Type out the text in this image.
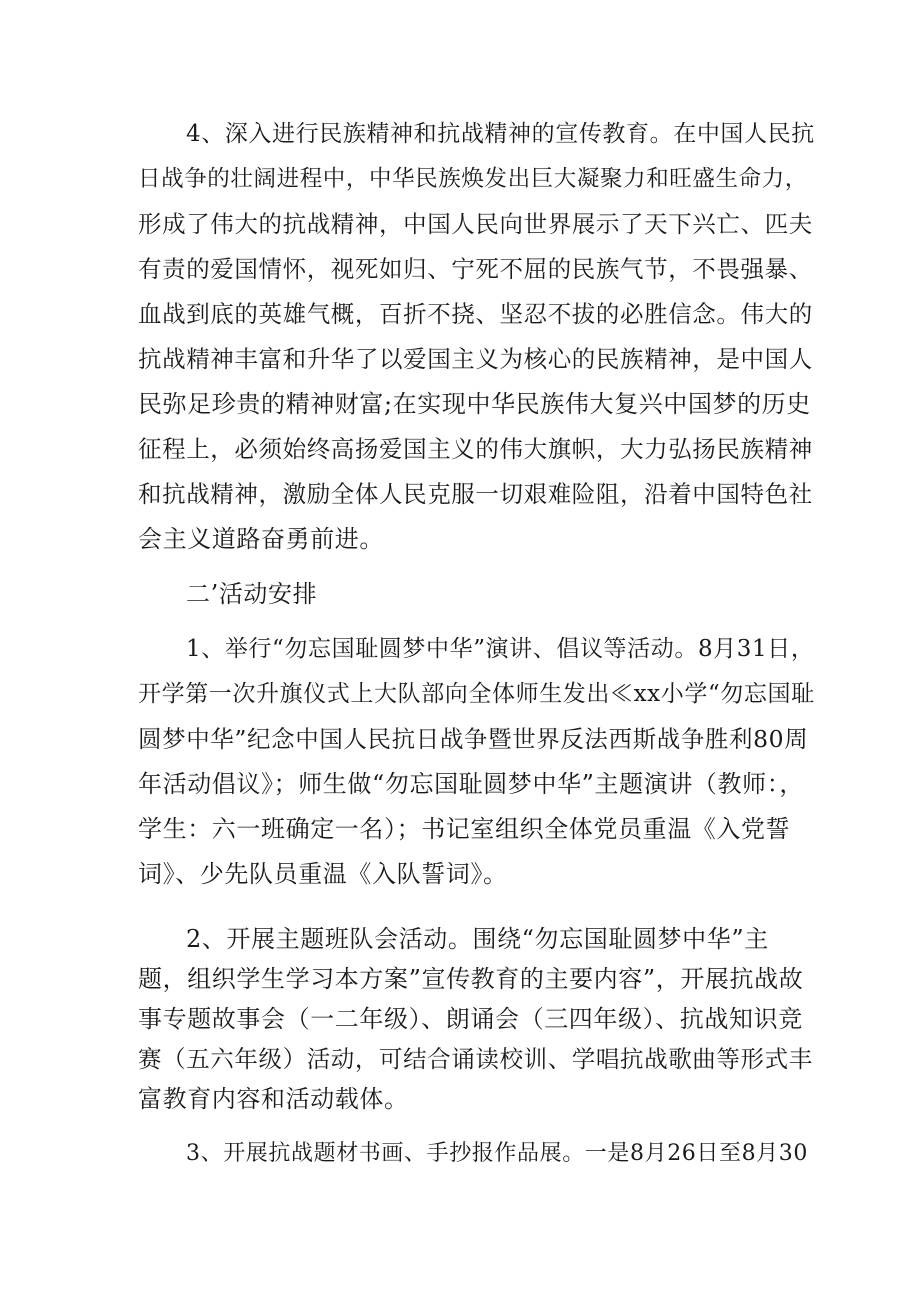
4、深入进行民族精神和抗战精神的宣传教育。在中国人民抗
日战争的壮阔进程中，中华民族焕发出巨大凝聚力和旺盛生命力，
形成了伟大的抗战精神，中国人民向世界展示了天下兴亡、匹夫
有责的爱国情怀，视死如归、宁死不屈的民族气节，不畏强暴、
血战到底的英雄气概，百折不挠、坚忍不拔的必胜信念。伟大的
抗战精神丰富和升华了以爱国主义为核心的民族精神，是中国人
民弥足珍贵的精神财富;在实现中华民族伟大复兴中国梦的历史
征程上，必须始终高扬爱国主义的伟大旗帜，大力弘扬民族精神
和抗战精神，激励全体人民克服一切艰难险阻，沿着中国特色社
会主义道路奋勇前进。
二’活动安排
1、举行“勿忘国耻圆梦中华”演讲、倡议等活动。8月31日，
开学第一次升旗仪式上大队部向全体师生发出≪xx小学“勿忘国耻
圆梦中华”纪念中国人民抗日战争暨世界反法西斯战争胜利80周
年活动倡议》；师生做“勿忘国耻圆梦中华”主题演讲（教师：，
学生：六一班确定一名）；书记室组织全体党员重温《入党誓
词》、少先队员重温《入队誓词》。
2、开展主题班队会活动。围绕“勿忘国耻圆梦中华”主
题，组织学生学习本方案”宣传教育的主要内容”，开展抗战故
事专题故事会（一二年级）、朗诵会（三四年级）、抗战知识竞
赛（五六年级）活动，可结合诵读校训、学唱抗战歌曲等形式丰
富教育内容和活动载体。
3、开展抗战题材书画、手抄报作品展。一是8月26日至8月30
